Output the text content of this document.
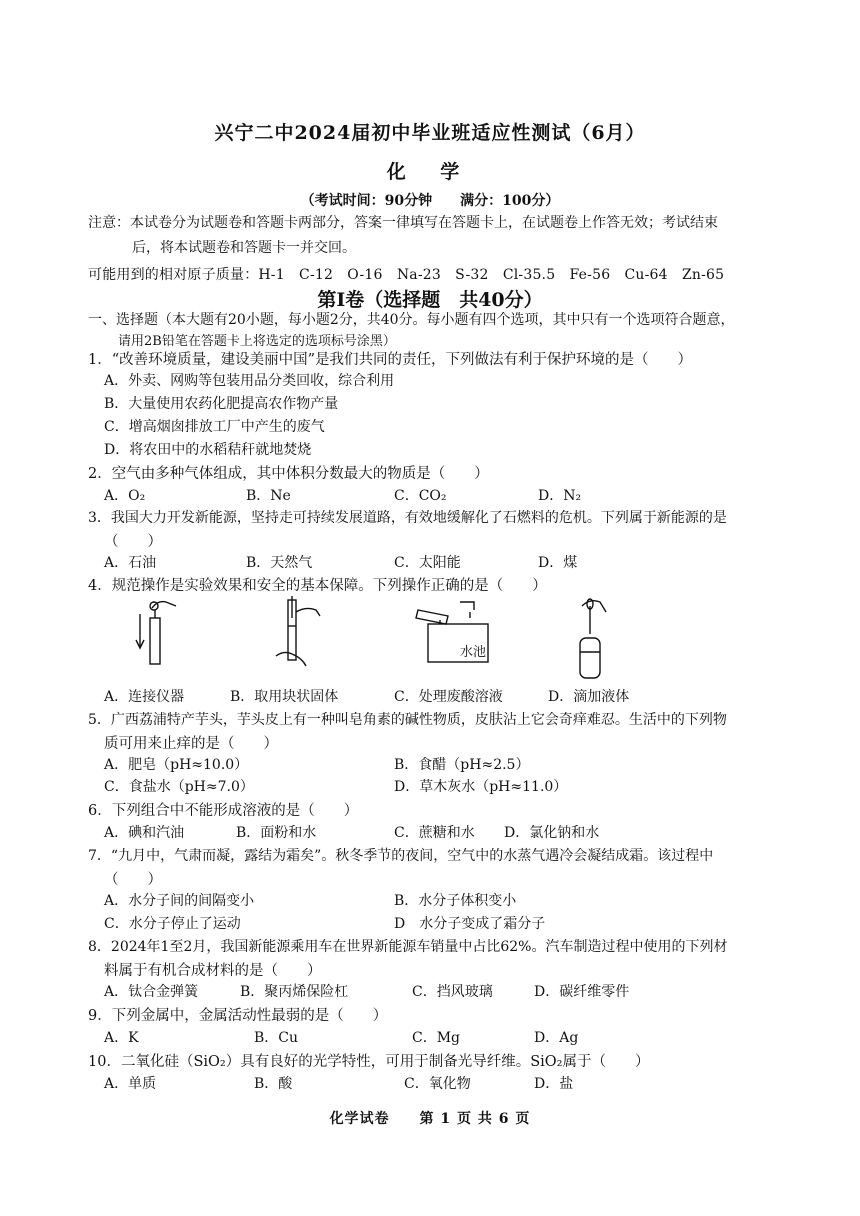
兴宁二中2024届初中毕业班适应性测试（6月）
化 学
（考试时间：90分钟　　满分：100分）
注意：本试卷分为试题卷和答题卡两部分，答案一律填写在答题卡上，在试题卷上作答无效；考试结束
后，将本试题卷和答题卡一并交回。
可能用到的相对原子质量：H-1　C-12　O-16　Na-23　S-32　Cl-35.5　Fe-56　Cu-64　Zn-65
第Ⅰ卷（选择题　共40分）
一、选择题（本大题有20小题，每小题2分，共40分。每小题有四个选项，其中只有一个选项符合题意，
请用2B铅笔在答题卡上将选定的选项标号涂黑）
1．“改善环境质量，建设美丽中国”是我们共同的责任，下列做法有利于保护环境的是（　　）
A．外卖、网购等包装用品分类回收，综合利用
B．大量使用农药化肥提高农作物产量
C．增高烟囱排放工厂中产生的废气
D．将农田中的水稻秸秆就地焚烧
2．空气由多种气体组成，其中体积分数最大的物质是（　　）
A．O₂	B．Ne	C．CO₂	D．N₂
3．我国大力开发新能源，坚持走可持续发展道路，有效地缓解化了石燃料的危机。下列属于新能源的是
（　　）
A．石油	B．天然气	C．太阳能	D．煤
4．规范操作是实验效果和安全的基本保障。下列操作正确的是（　　）
水池
A．连接仪器	B．取用块状固体	C．处理废酸溶液	D．滴加液体
5．广西荔浦特产芋头，芋头皮上有一种叫皂角素的碱性物质，皮肤沾上它会奇痒难忍。生活中的下列物
质可用来止痒的是（　　）
A．肥皂（pH≈10.0）	B．食醋（pH≈2.5）
C．食盐水（pH≈7.0）	D．草木灰水（pH≈11.0）
6．下列组合中不能形成溶液的是（　　）
A．碘和汽油	B．面粉和水	C．蔗糖和水 D．氯化钠和水
7．“九月中，气肃而凝，露结为霜矣”。秋冬季节的夜间，空气中的水蒸气遇冷会凝结成霜。该过程中
（　　）
A．水分子间的间隔变小	B．水分子体积变小
C．水分子停止了运动	D　水分子变成了霜分子
8．2024年1至2月，我国新能源乘用车在世界新能源车销量中占比62%。汽车制造过程中使用的下列材
料属于有机合成材料的是（　　）
A．钛合金弹簧	B．聚丙烯保险杠	C．挡风玻璃	D．碳纤维零件
9．下列金属中，金属活动性最弱的是（　　）
A．K	B．Cu	C．Mg	D．Ag
10．二氧化硅（SiO₂）具有良好的光学特性，可用于制备光导纤维。SiO₂属于（　　）
A．单质	B．酸	C．氧化物	D．盐
化学试卷　　第 1 页 共 6 页
